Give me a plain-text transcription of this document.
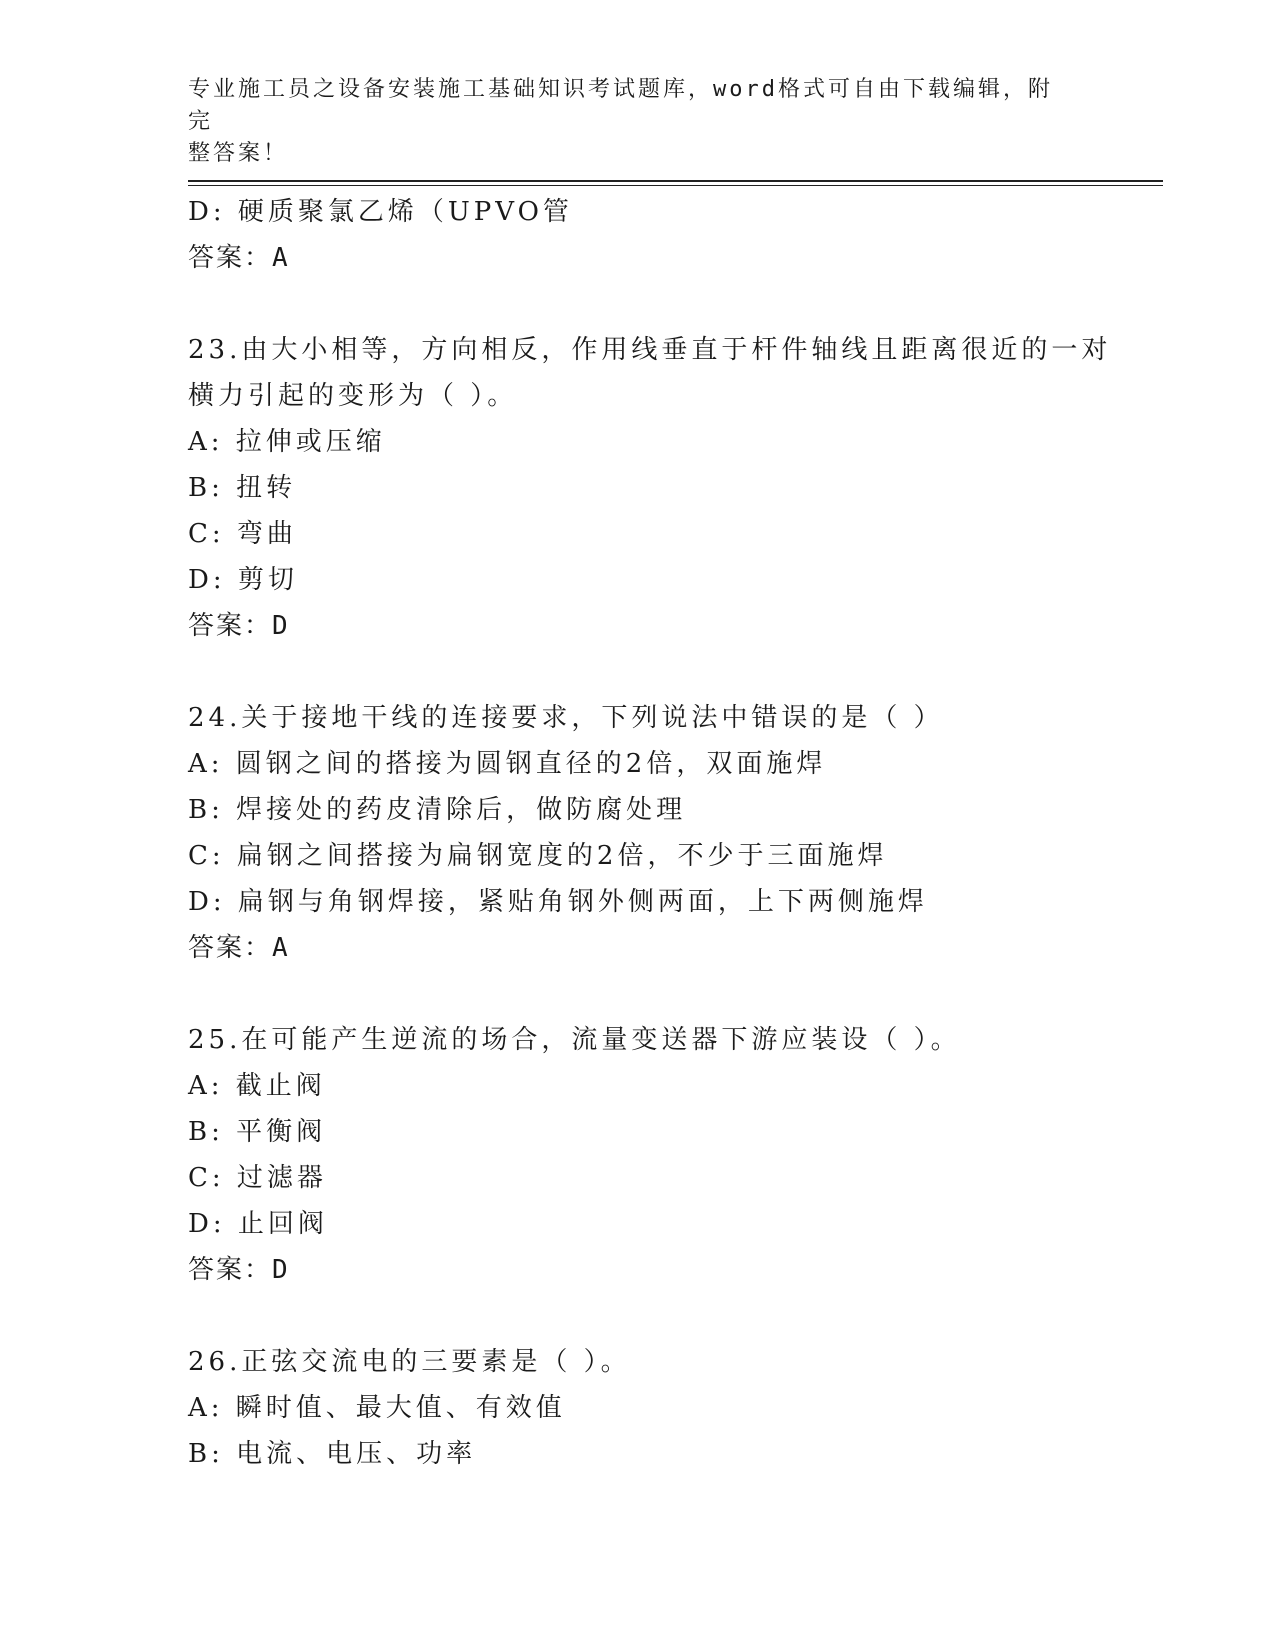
专业施工员之设备安装施工基础知识考试题库，word格式可自由下载编辑，附完
整答案！
D: 硬质聚氯乙烯（UPVO管
答案：A
23.由大小相等，方向相反，作用线垂直于杆件轴线且距离很近的一对
横力引起的变形为（ ）。
A: 拉伸或压缩
B: 扭转
C: 弯曲
D: 剪切
答案：D
24.关于接地干线的连接要求，下列说法中错误的是（ ）
A: 圆钢之间的搭接为圆钢直径的2倍，双面施焊
B: 焊接处的药皮清除后，做防腐处理
C: 扁钢之间搭接为扁钢宽度的2倍，不少于三面施焊
D: 扁钢与角钢焊接，紧贴角钢外侧两面，上下两侧施焊
答案：A
25.在可能产生逆流的场合，流量变送器下游应装设（ ）。
A: 截止阀
B: 平衡阀
C: 过滤器
D: 止回阀
答案：D
26.正弦交流电的三要素是（ ）。
A: 瞬时值、最大值、有效值
B: 电流、电压、功率
